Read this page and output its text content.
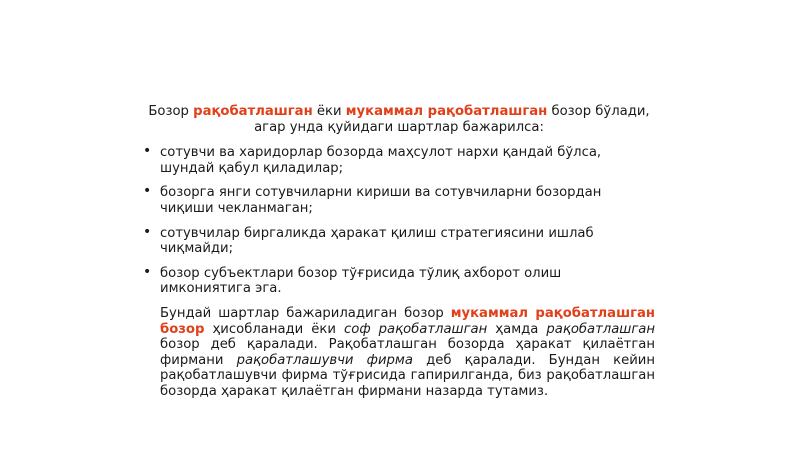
Бозор рақобатлашган ёки мукаммал рақобатлашган бозор бўлади, агар унда қуйидаги шартлар бажарилса:

• сотувчи ва харидорлар бозорда маҳсулот нархи қандай бўлса, шундай қабул қиладилар;
• бозорга янги сотувчиларни кириши ва сотувчиларни бозордан чиқиши чекланмаган;
• сотувчилар биргаликда ҳаракат қилиш стратегиясини ишлаб чиқмайди;
• бозор субъектлари бозор тўғрисида тўлиқ ахборот олиш имкониятига эга.

Бундай шартлар бажариладиган бозор мукаммал рақобатлашган бозор ҳисобланади ёки соф рақобатлашган ҳамда рақобатлашган бозор деб қаралади. Рақобатлашган бозорда ҳаракат қилаётган фирмани рақобатлашувчи фирма деб қаралади. Бундан кейин рақобатлашувчи фирма тўғрисида гапирилганда, биз рақобатлашган бозорда ҳаракат қилаётган фирмани назарда тутамиз.
